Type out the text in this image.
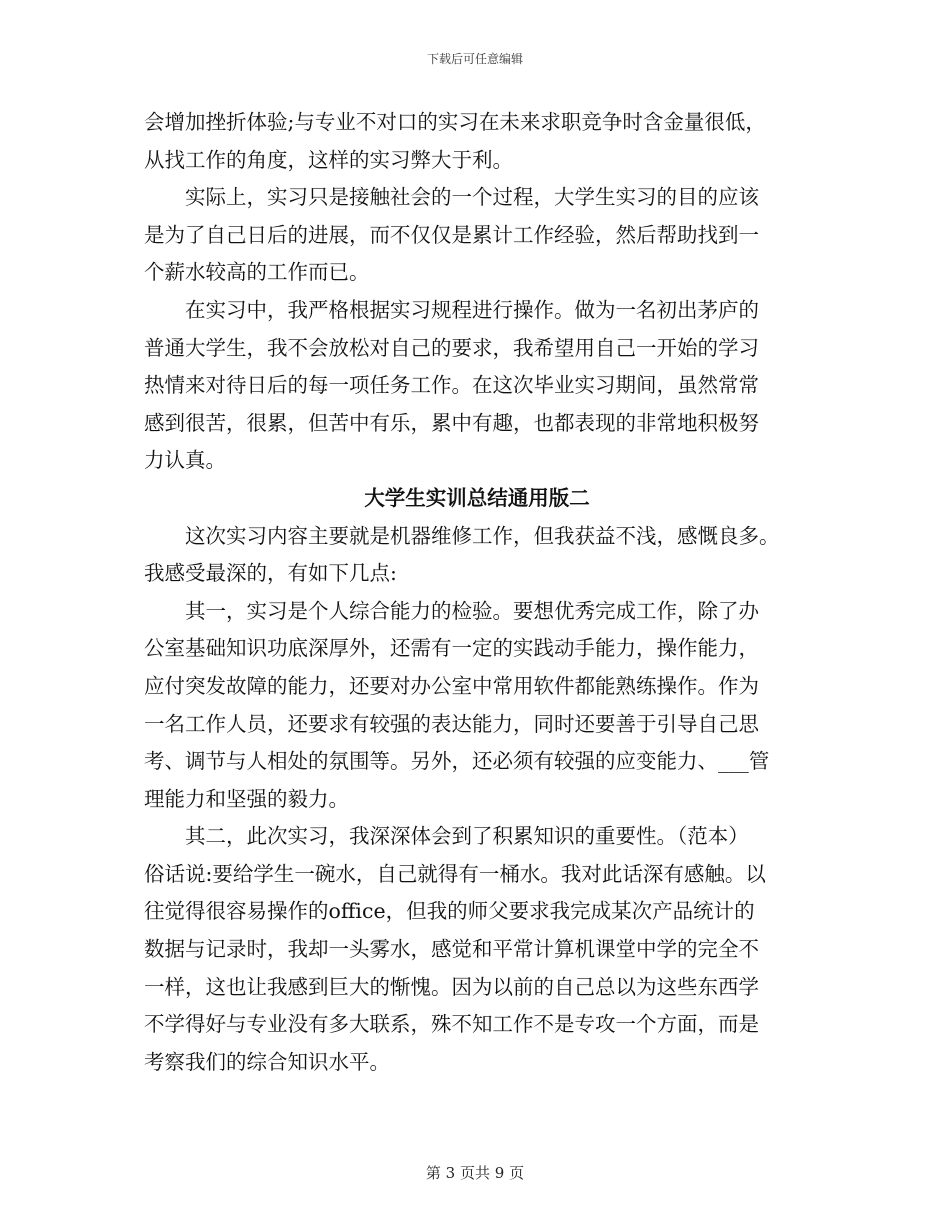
下载后可任意编辑
会增加挫折体验;与专业不对口的实习在未来求职竞争时含金量很低，
从找工作的角度，这样的实习弊大于利。
实际上，实习只是接触社会的一个过程，大学生实习的目的应该
是为了自己日后的进展，而不仅仅是累计工作经验，然后帮助找到一
个薪水较高的工作而已。
在实习中，我严格根据实习规程进行操作。做为一名初出茅庐的
普通大学生，我不会放松对自己的要求，我希望用自己一开始的学习
热情来对待日后的每一项任务工作。在这次毕业实习期间，虽然常常
感到很苦，很累，但苦中有乐，累中有趣，也都表现的非常地积极努
力认真。
大学生实训总结通用版二
这次实习内容主要就是机器维修工作，但我获益不浅，感慨良多。
我感受最深的，有如下几点:
其一，实习是个人综合能力的检验。要想优秀完成工作，除了办
公室基础知识功底深厚外，还需有一定的实践动手能力，操作能力，
应付突发故障的能力，还要对办公室中常用软件都能熟练操作。作为
一名工作人员，还要求有较强的表达能力，同时还要善于引导自己思
考、调节与人相处的氛围等。另外，还必须有较强的应变能力、___管
理能力和坚强的毅力。
其二，此次实习，我深深体会到了积累知识的重要性。（范本）
俗话说:要给学生一碗水，自己就得有一桶水。我对此话深有感触。以
往觉得很容易操作的office，但我的师父要求我完成某次产品统计的
数据与记录时，我却一头雾水，感觉和平常计算机课堂中学的完全不
一样，这也让我感到巨大的惭愧。因为以前的自己总以为这些东西学
不学得好与专业没有多大联系，殊不知工作不是专攻一个方面，而是
考察我们的综合知识水平。
第 3 页共 9 页
